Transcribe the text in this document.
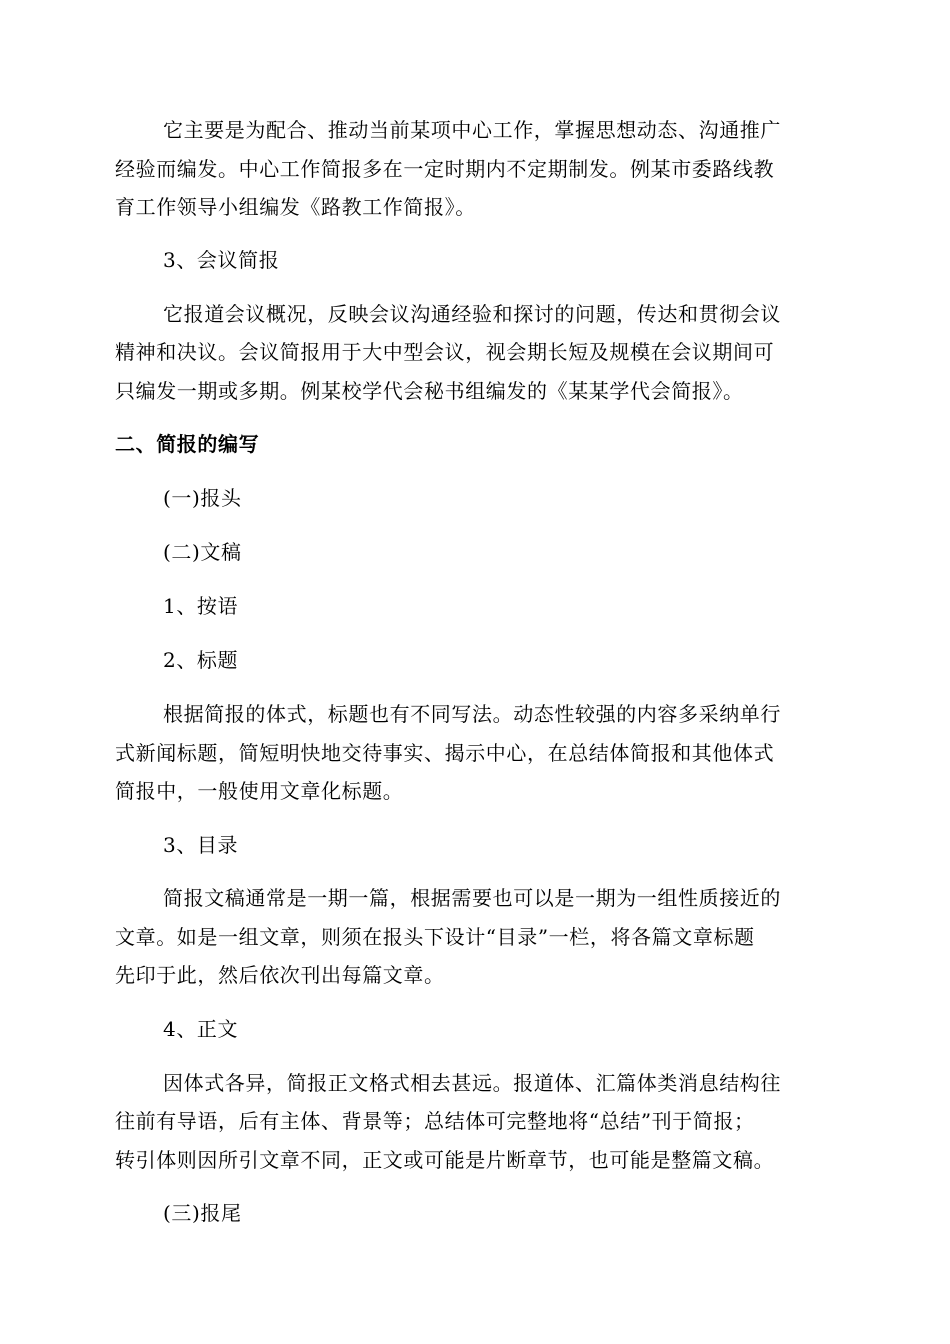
它主要是为配合、推动当前某项中心工作，掌握思想动态、沟通推广
经验而编发。中心工作简报多在一定时期内不定期制发。例某市委路线教
育工作领导小组编发《路教工作简报》。
3、会议简报
它报道会议概况，反映会议沟通经验和探讨的问题，传达和贯彻会议
精神和决议。会议简报用于大中型会议，视会期长短及规模在会议期间可
只编发一期或多期。例某校学代会秘书组编发的《某某学代会简报》。
二、简报的编写
(一)报头
(二)文稿
1、按语
2、标题
根据简报的体式，标题也有不同写法。动态性较强的内容多采纳单行
式新闻标题，简短明快地交待事实、揭示中心，在总结体简报和其他体式
简报中，一般使用文章化标题。
3、目录
简报文稿通常是一期一篇，根据需要也可以是一期为一组性质接近的
文章。如是一组文章，则须在报头下设计“目录”一栏，将各篇文章标题
先印于此，然后依次刊出每篇文章。
4、正文
因体式各异，简报正文格式相去甚远。报道体、汇篇体类消息结构往
往前有导语，后有主体、背景等；总结体可完整地将“总结”刊于简报；
转引体则因所引文章不同，正文或可能是片断章节，也可能是整篇文稿。
(三)报尾
